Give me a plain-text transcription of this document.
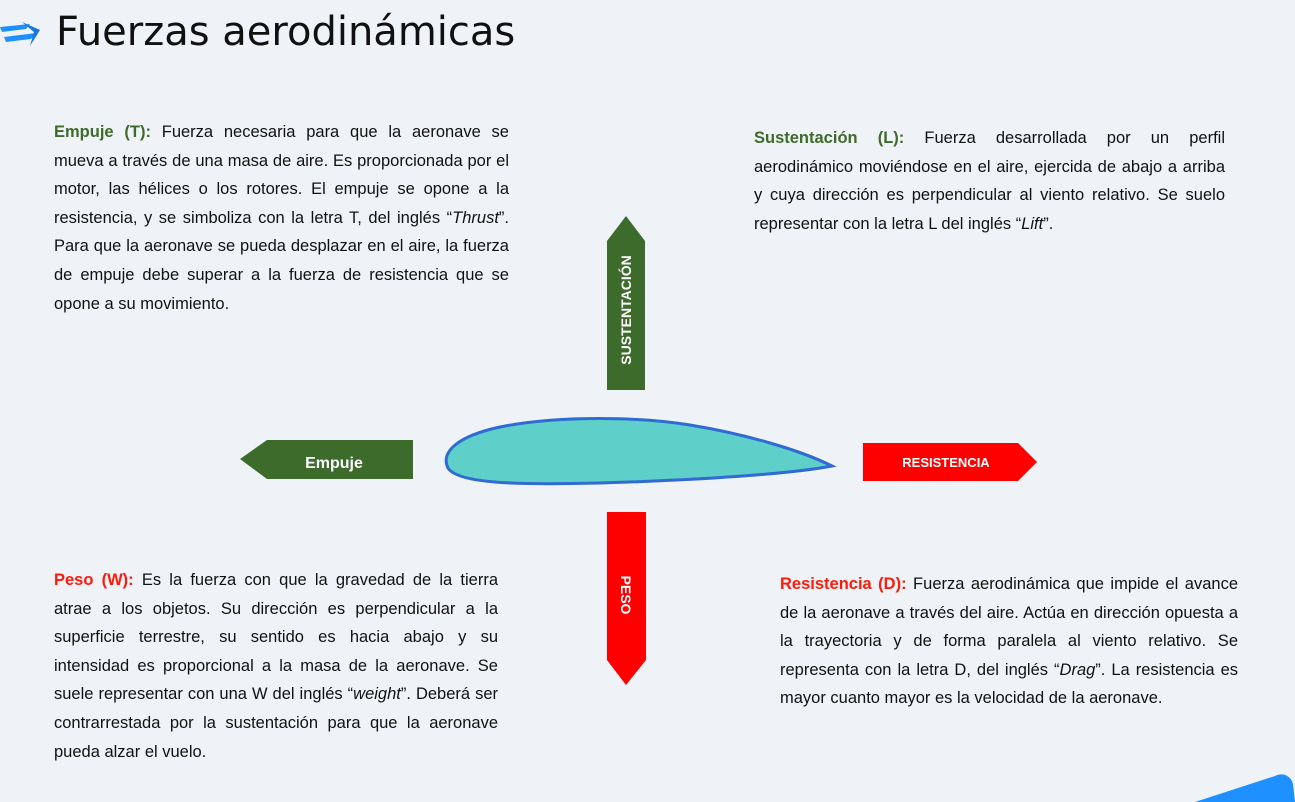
Fuerzas aerodinámicas

Empuje (T): Fuerza necesaria para que la aeronave se mueva a través de una masa de aire. Es proporcionada por el motor, las hélices o los rotores. El empuje se opone a la resistencia, y se simboliza con la letra T, del inglés “Thrust”. Para que la aeronave se pueda desplazar en el aire, la fuerza de empuje debe superar a la fuerza de resistencia que se opone a su movimiento.

Sustentación (L): Fuerza desarrollada por un perfil aerodinámico moviéndose en el aire, ejercida de abajo a arriba y cuya dirección es perpendicular al viento relativo. Se suelo representar con la letra L del inglés “Lift”.

Peso (W): Es la fuerza con que la gravedad de la tierra atrae a los objetos. Su dirección es perpendicular a la superficie terrestre, su sentido es hacia abajo y su intensidad es proporcional a la masa de la aeronave. Se suele representar con una W del inglés “weight”. Deberá ser contrarrestada por la sustentación para que la aeronave pueda alzar el vuelo.

Resistencia (D): Fuerza aerodinámica que impide el avance de la aeronave a través del aire. Actúa en dirección opuesta a la trayectoria y de forma paralela al viento relativo. Se representa con la letra D, del inglés “Drag”. La resistencia es mayor cuanto mayor es la velocidad de la aeronave.

SUSTENTACIÓN
Empuje	RESISTENCIA
PESO
